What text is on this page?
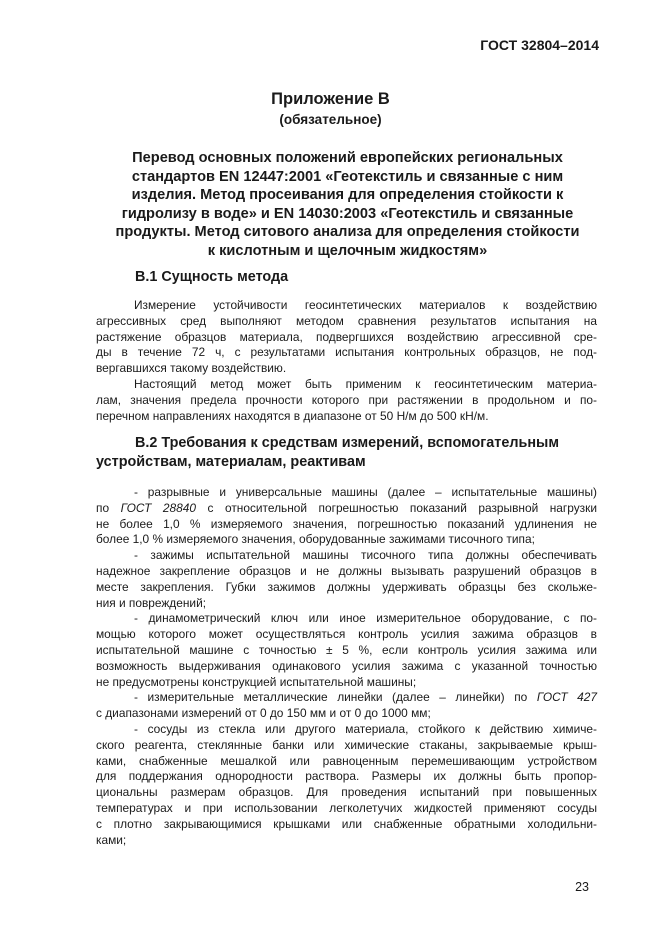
ГОСТ 32804–2014
Приложение В
(обязательное)
Перевод основных положений европейских региональных
стандартов EN 12447:2001 «Геотекстиль и связанные с ним
изделия. Метод просеивания для определения стойкости к
гидролизу в воде» и EN 14030:2003 «Геотекстиль и связанные
продукты. Метод ситового анализа для определения стойкости
к кислотным и щелочным жидкостям»
В.1 Сущность метода
Измерение устойчивости геосинтетических материалов к воздействию
агрессивных сред выполняют методом сравнения результатов испытания на
растяжение образцов материала, подвергшихся воздействию агрессивной сре-
ды в течение 72 ч, с результатами испытания контрольных образцов, не под-
вергавшихся такому воздействию.
Настоящий метод может быть применим к геосинтетическим материа-
лам, значения предела прочности которого при растяжении в продольном и по-
перечном направлениях находятся в диапазоне от 50 Н/м до 500 кН/м.
В.2 Требования к средствам измерений, вспомогательным
устройствам, материалам, реактивам
- разрывные и универсальные машины (далее – испытательные машины)
по ГОСТ 28840 с относительной погрешностью показаний разрывной нагрузки
не более 1,0 % измеряемого значения, погрешностью показаний удлинения не
более 1,0 % измеряемого значения, оборудованные зажимами тисочного типа;
- зажимы испытательной машины тисочного типа должны обеспечивать
надежное закрепление образцов и не должны вызывать разрушений образцов в
месте закрепления. Губки зажимов должны удерживать образцы без скольже-
ния и повреждений;
- динамометрический ключ или иное измерительное оборудование, с по-
мощью которого может осуществляться контроль усилия зажима образцов в
испытательной машине с точностью ± 5 %, если контроль усилия зажима или
возможность выдерживания одинакового усилия зажима с указанной точностью
не предусмотрены конструкцией испытательной машины;
- измерительные металлические линейки (далее – линейки) по ГОСТ 427
с диапазонами измерений от 0 до 150 мм и от 0 до 1000 мм;
- сосуды из стекла или другого материала, стойкого к действию химиче-
ского реагента, стеклянные банки или химические стаканы, закрываемые крыш-
ками, снабженные мешалкой или равноценным перемешивающим устройством
для поддержания однородности раствора. Размеры их должны быть пропор-
циональны размерам образцов. Для проведения испытаний при повышенных
температурах и при использовании легколетучих жидкостей применяют сосуды
с плотно закрывающимися крышками или снабженные обратными холодильни-
ками;
23
